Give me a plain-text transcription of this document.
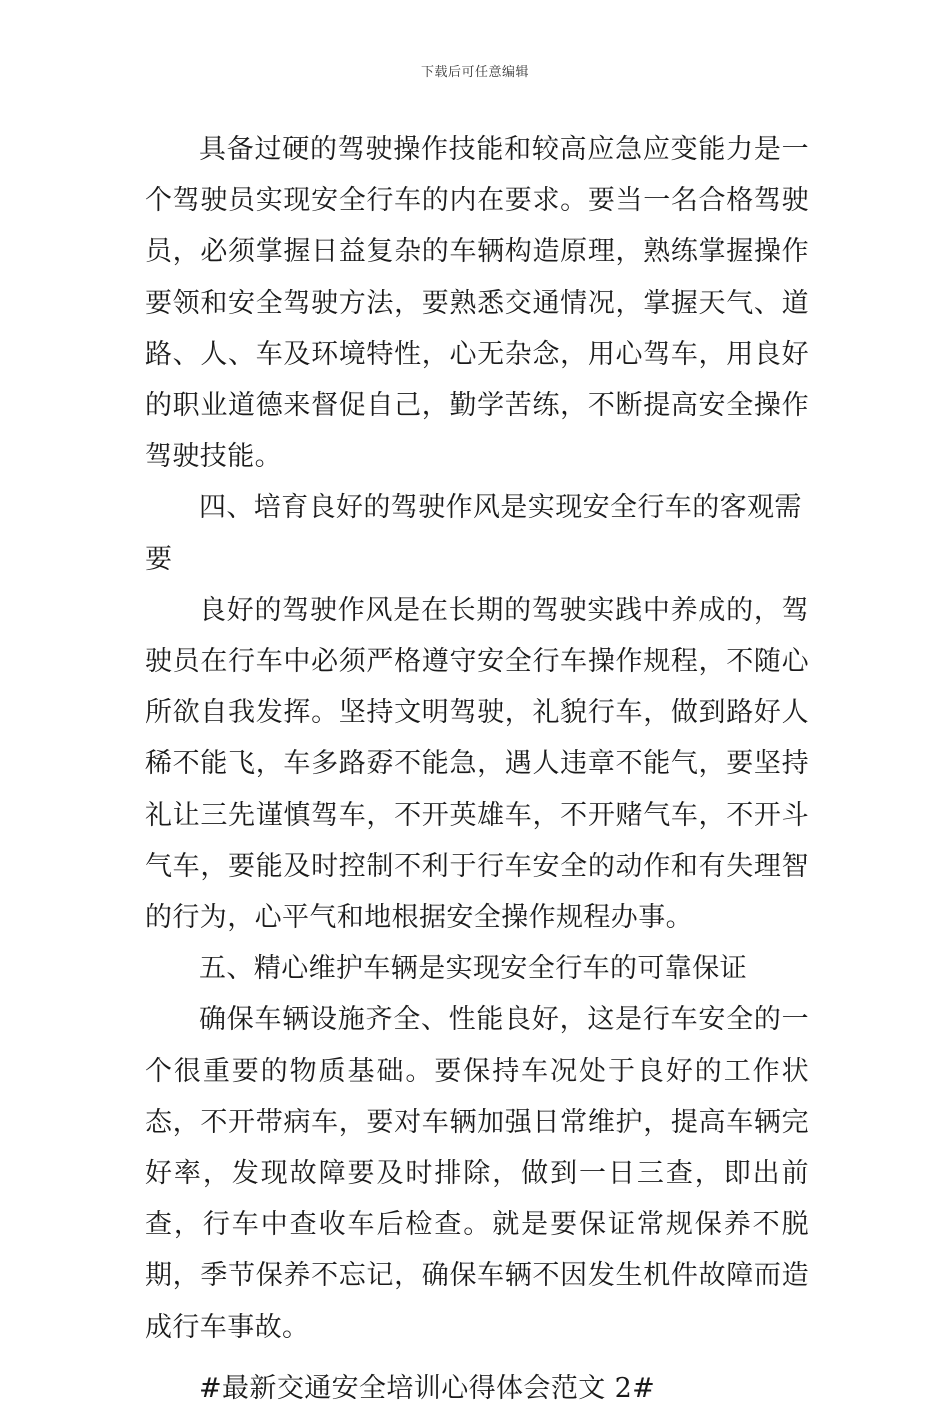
下载后可任意编辑

具备过硬的驾驶操作技能和较高应急应变能力是一个驾驶员实现安全行车的内在要求。要当一名合格驾驶员，必须掌握日益复杂的车辆构造原理，熟练掌握操作要领和安全驾驶方法，要熟悉交通情况，掌握天气、道路、人、车及环境特性，心无杂念，用心驾车，用良好的职业道德来督促自己，勤学苦练，不断提高安全操作驾驶技能。

四、培育良好的驾驶作风是实现安全行车的客观需要

良好的驾驶作风是在长期的驾驶实践中养成的，驾驶员在行车中必须严格遵守安全行车操作规程，不随心所欲自我发挥。坚持文明驾驶，礼貌行车，做到路好人稀不能飞，车多路孬不能急，遇人违章不能气，要坚持礼让三先谨慎驾车，不开英雄车，不开赌气车，不开斗气车，要能及时控制不利于行车安全的动作和有失理智的行为，心平气和地根据安全操作规程办事。

五、精心维护车辆是实现安全行车的可靠保证

确保车辆设施齐全、性能良好，这是行车安全的一个很重要的物质基础。要保持车况处于良好的工作状态，不开带病车，要对车辆加强日常维护，提高车辆完好率，发现故障要及时排除，做到一日三查，即出前查，行车中查收车后检查。就是要保证常规保养不脱期，季节保养不忘记，确保车辆不因发生机件故障而造成行车事故。

#最新交通安全培训心得体会范文 2#
